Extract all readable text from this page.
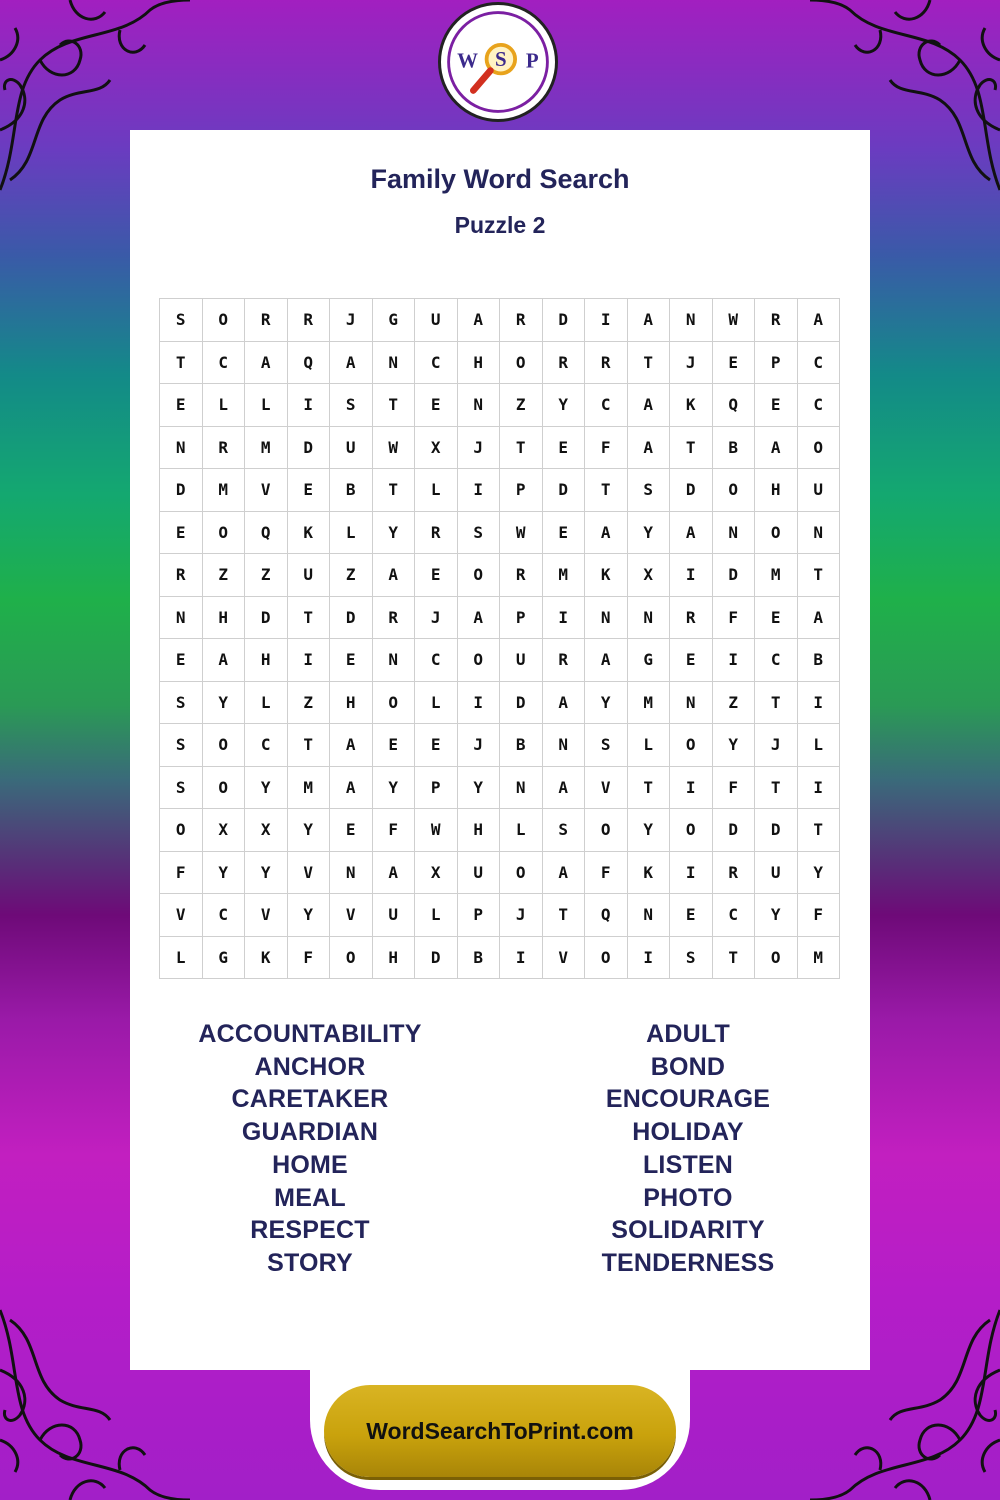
W S P
Family Word Search
Puzzle 2
S	O	R	R	J	G	U	A	R	D	I	A	N	W	R	A
T	C	A	Q	A	N	C	H	O	R	R	T	J	E	P	C
E	L	L	I	S	T	E	N	Z	Y	C	A	K	Q	E	C
N	R	M	D	U	W	X	J	T	E	F	A	T	B	A	O
D	M	V	E	B	T	L	I	P	D	T	S	D	O	H	U
E	O	Q	K	L	Y	R	S	W	E	A	Y	A	N	O	N
R	Z	Z	U	Z	A	E	O	R	M	K	X	I	D	M	T
N	H	D	T	D	R	J	A	P	I	N	N	R	F	E	A
E	A	H	I	E	N	C	O	U	R	A	G	E	I	C	B
S	Y	L	Z	H	O	L	I	D	A	Y	M	N	Z	T	I
S	O	C	T	A	E	E	J	B	N	S	L	O	Y	J	L
S	O	Y	M	A	Y	P	Y	N	A	V	T	I	F	T	I
O	X	X	Y	E	F	W	H	L	S	O	Y	O	D	D	T
F	Y	Y	V	N	A	X	U	O	A	F	K	I	R	U	Y
V	C	V	Y	V	U	L	P	J	T	Q	N	E	C	Y	F
L	G	K	F	O	H	D	B	I	V	O	I	S	T	O	M
ACCOUNTABILITY
ANCHOR
CARETAKER
GUARDIAN
HOME
MEAL
RESPECT
STORY
ADULT
BOND
ENCOURAGE
HOLIDAY
LISTEN
PHOTO
SOLIDARITY
TENDERNESS
WordSearchToPrint.com
